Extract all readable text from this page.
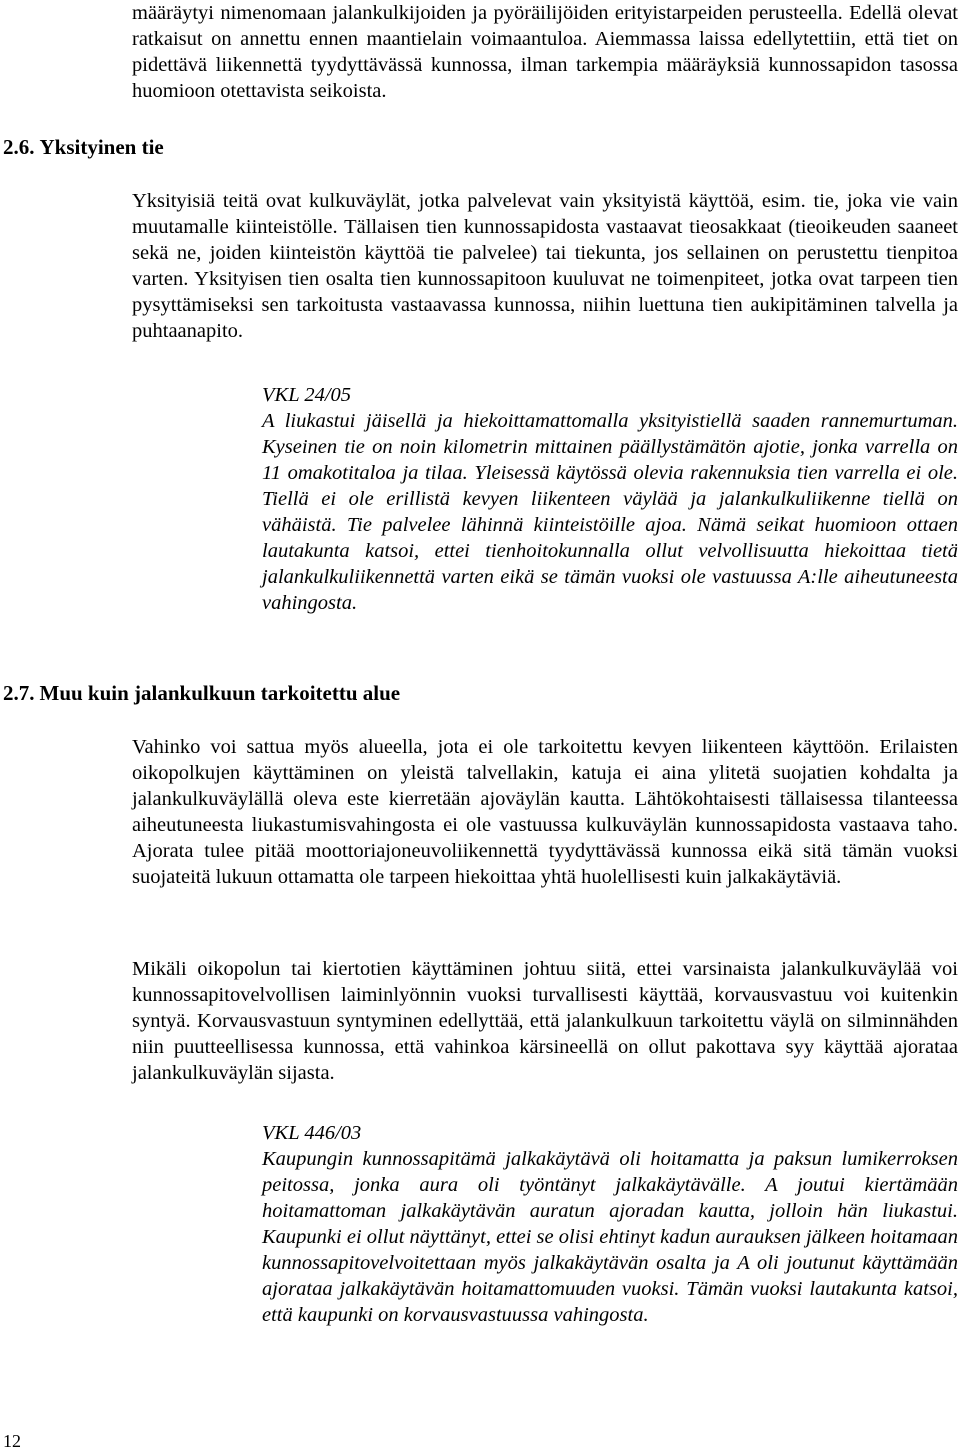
määräytyi nimenomaan jalankulkijoiden ja pyöräilijöiden erityistarpeiden perusteella. Edellä olevat ratkaisut on annettu ennen maantielain voimaantuloa. Aiemmassa laissa edellytettiin, että tiet on pidettävä liikennettä tyydyttävässä kunnossa, ilman tarkempia määräyksiä kunnossapidon tasossa huomioon otettavista seikoista.

2.6. Yksityinen tie

Yksityisiä teitä ovat kulkuväylät, jotka palvelevat vain yksityistä käyttöä, esim. tie, joka vie vain muutamalle kiinteistölle. Tällaisen tien kunnossapidosta vastaavat tieosakkaat (tieoikeuden saaneet sekä ne, joiden kiinteistön käyttöä tie palvelee) tai tiekunta, jos sellainen on perustettu tienpitoa varten. Yksityisen tien osalta tien kunnossapitoon kuuluvat ne toimenpiteet, jotka ovat tarpeen tien pysyttämiseksi sen tarkoitusta vastaavassa kunnossa, niihin luettuna tien aukipitäminen talvella ja puhtaanapito.

VKL 24/05
A liukastui jäisellä ja hiekoittamattomalla yksityistiellä saaden rannemurtuman. Kyseinen tie on noin kilometrin mittainen päällystämätön ajotie, jonka varrella on 11 omakotitaloa ja tilaa. Yleisessä käytössä olevia rakennuksia tien varrella ei ole. Tiellä ei ole erillistä kevyen liikenteen väylää ja jalankulkuliikenne tiellä on vähäistä. Tie palvelee lähinnä kiinteistöille ajoa. Nämä seikat huomioon ottaen lautakunta katsoi, ettei tienhoitokunnalla ollut velvollisuutta hiekoittaa tietä jalankulkuliikennettä varten eikä se tämän vuoksi ole vastuussa A:lle aiheutuneesta vahingosta.
2.7. Muu kuin jalankulkuun tarkoitettu alue

Vahinko voi sattua myös alueella, jota ei ole tarkoitettu kevyen liikenteen käyttöön. Erilaisten oikopolkujen käyttäminen on yleistä talvellakin, katuja ei aina ylitetä suojatien kohdalta ja jalankulkuväylällä oleva este kierretään ajoväylän kautta. Lähtökohtaisesti tällaisessa tilanteessa aiheutuneesta liukastumisvahingosta ei ole vastuussa kulkuväylän kunnossapidosta vastaava taho. Ajorata tulee pitää moottoriajoneuvoliikennettä tyydyttävässä kunnossa eikä sitä tämän vuoksi suojateitä lukuun ottamatta ole tarpeen hiekoittaa yhtä huolellisesti kuin jalkakäytäviä.

Mikäli oikopolun tai kiertotien käyttäminen johtuu siitä, ettei varsinaista jalankulkuväylää voi kunnossapitovelvollisen laiminlyönnin vuoksi turvallisesti käyttää, korvausvastuu voi kuitenkin syntyä. Korvausvastuun syntyminen edellyttää, että jalankulkuun tarkoitettu väylä on silminnähden niin puutteellisessa kunnossa, että vahinkoa kärsineellä on ollut pakottava syy käyttää ajorataa jalankulkuväylän sijasta.

VKL 446/03
Kaupungin kunnossapitämä jalkakäytävä oli hoitamatta ja paksun lumikerroksen peitossa, jonka aura oli työntänyt jalkakäytävälle. A joutui kiertämään hoitamattoman jalkakäytävän auratun ajoradan kautta, jolloin hän liukastui. Kaupunki ei ollut näyttänyt, ettei se olisi ehtinyt kadun aurauksen jälkeen hoitamaan kunnossapitovelvoitettaan myös jalkakäytävän osalta ja A oli joutunut käyttämään ajorataa jalkakäytävän hoitamattomuuden vuoksi. Tämän vuoksi lautakunta katsoi, että kaupunki on korvausvastuussa vahingosta.
12
